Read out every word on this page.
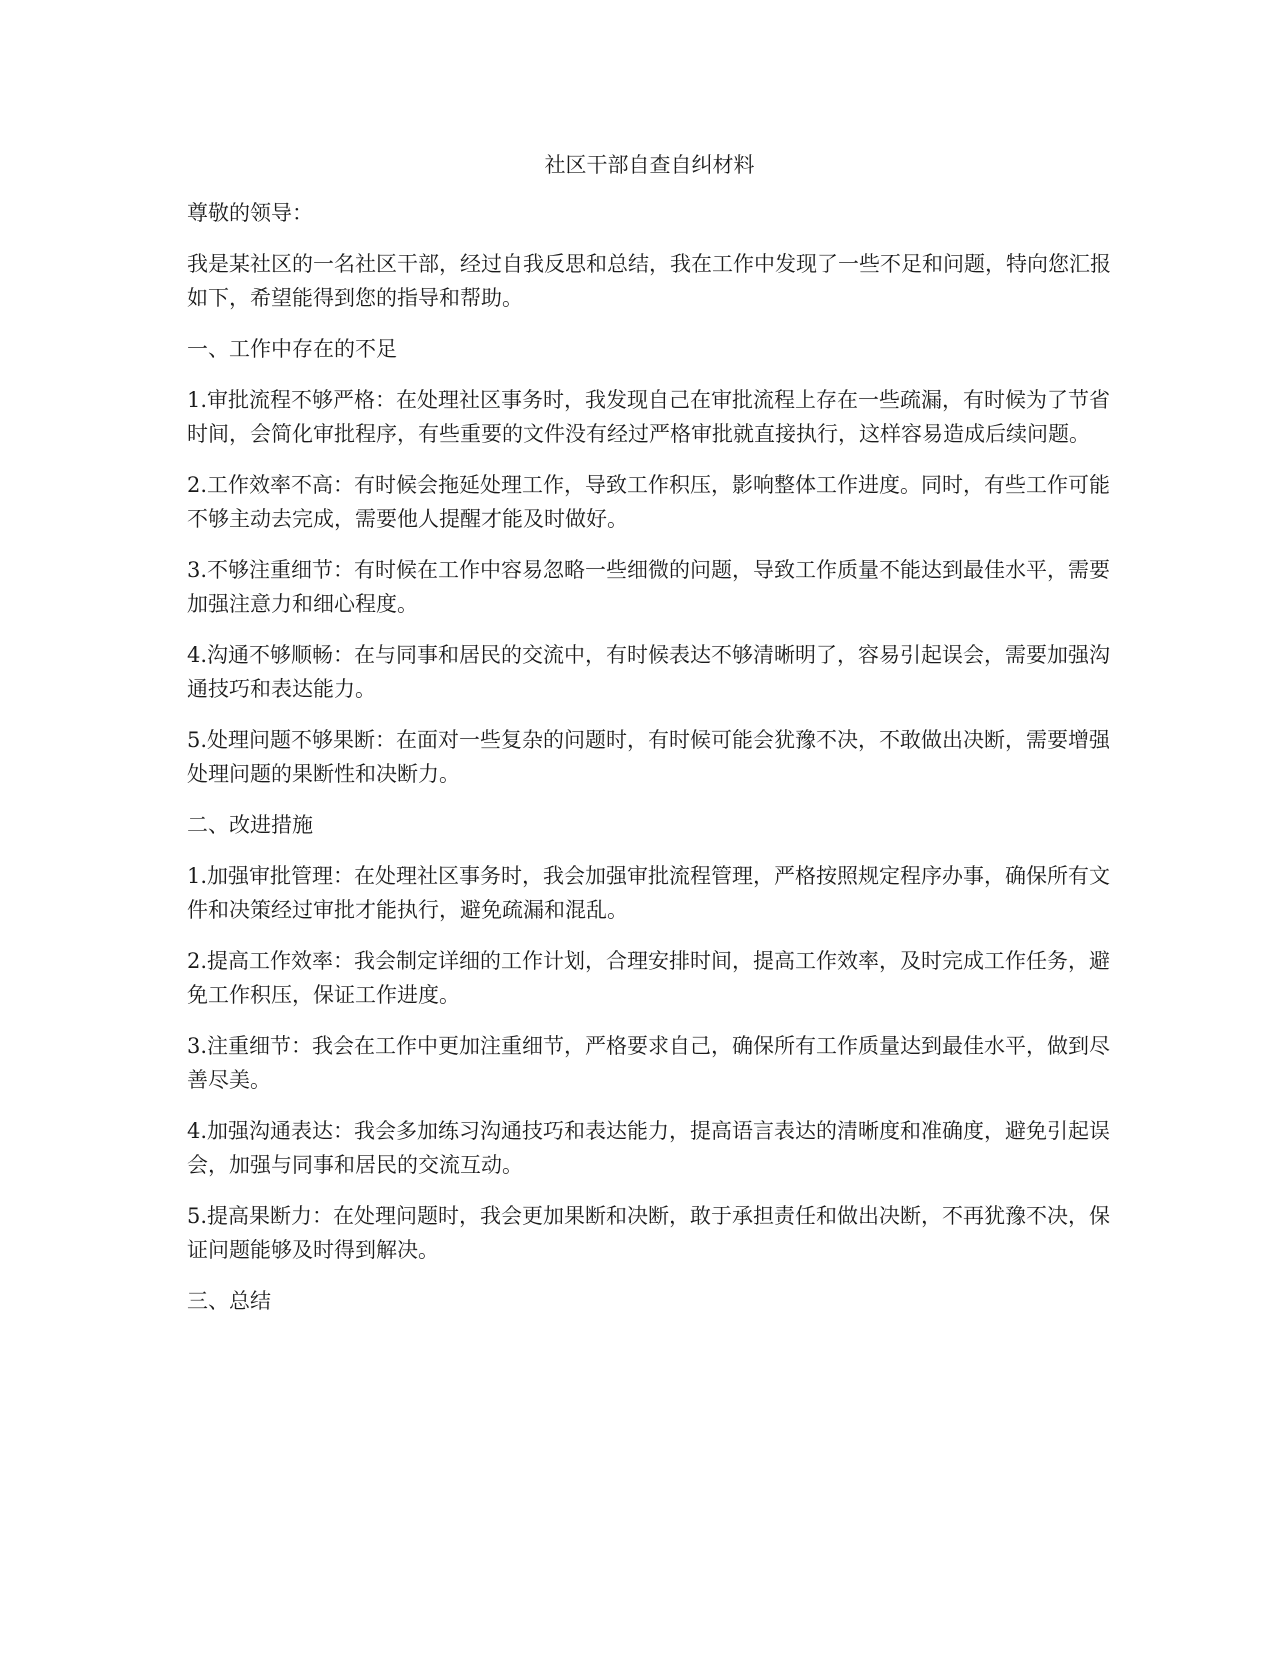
社区干部自查自纠材料

尊敬的领导：

我是某社区的一名社区干部，经过自我反思和总结，我在工作中发现了一些不足和问题，特向您汇报如下，希望能得到您的指导和帮助。

一、工作中存在的不足

1.审批流程不够严格：在处理社区事务时，我发现自己在审批流程上存在一些疏漏，有时候为了节省时间，会简化审批程序，有些重要的文件没有经过严格审批就直接执行，这样容易造成后续问题。

2.工作效率不高：有时候会拖延处理工作，导致工作积压，影响整体工作进度。同时，有些工作可能不够主动去完成，需要他人提醒才能及时做好。

3.不够注重细节：有时候在工作中容易忽略一些细微的问题，导致工作质量不能达到最佳水平，需要加强注意力和细心程度。

4.沟通不够顺畅：在与同事和居民的交流中，有时候表达不够清晰明了，容易引起误会，需要加强沟通技巧和表达能力。

5.处理问题不够果断：在面对一些复杂的问题时，有时候可能会犹豫不决，不敢做出决断，需要增强处理问题的果断性和决断力。

二、改进措施

1.加强审批管理：在处理社区事务时，我会加强审批流程管理，严格按照规定程序办事，确保所有文件和决策经过审批才能执行，避免疏漏和混乱。

2.提高工作效率：我会制定详细的工作计划，合理安排时间，提高工作效率，及时完成工作任务，避免工作积压，保证工作进度。

3.注重细节：我会在工作中更加注重细节，严格要求自己，确保所有工作质量达到最佳水平，做到尽善尽美。

4.加强沟通表达：我会多加练习沟通技巧和表达能力，提高语言表达的清晰度和准确度，避免引起误会，加强与同事和居民的交流互动。

5.提高果断力：在处理问题时，我会更加果断和决断，敢于承担责任和做出决断，不再犹豫不决，保证问题能够及时得到解决。

三、总结
